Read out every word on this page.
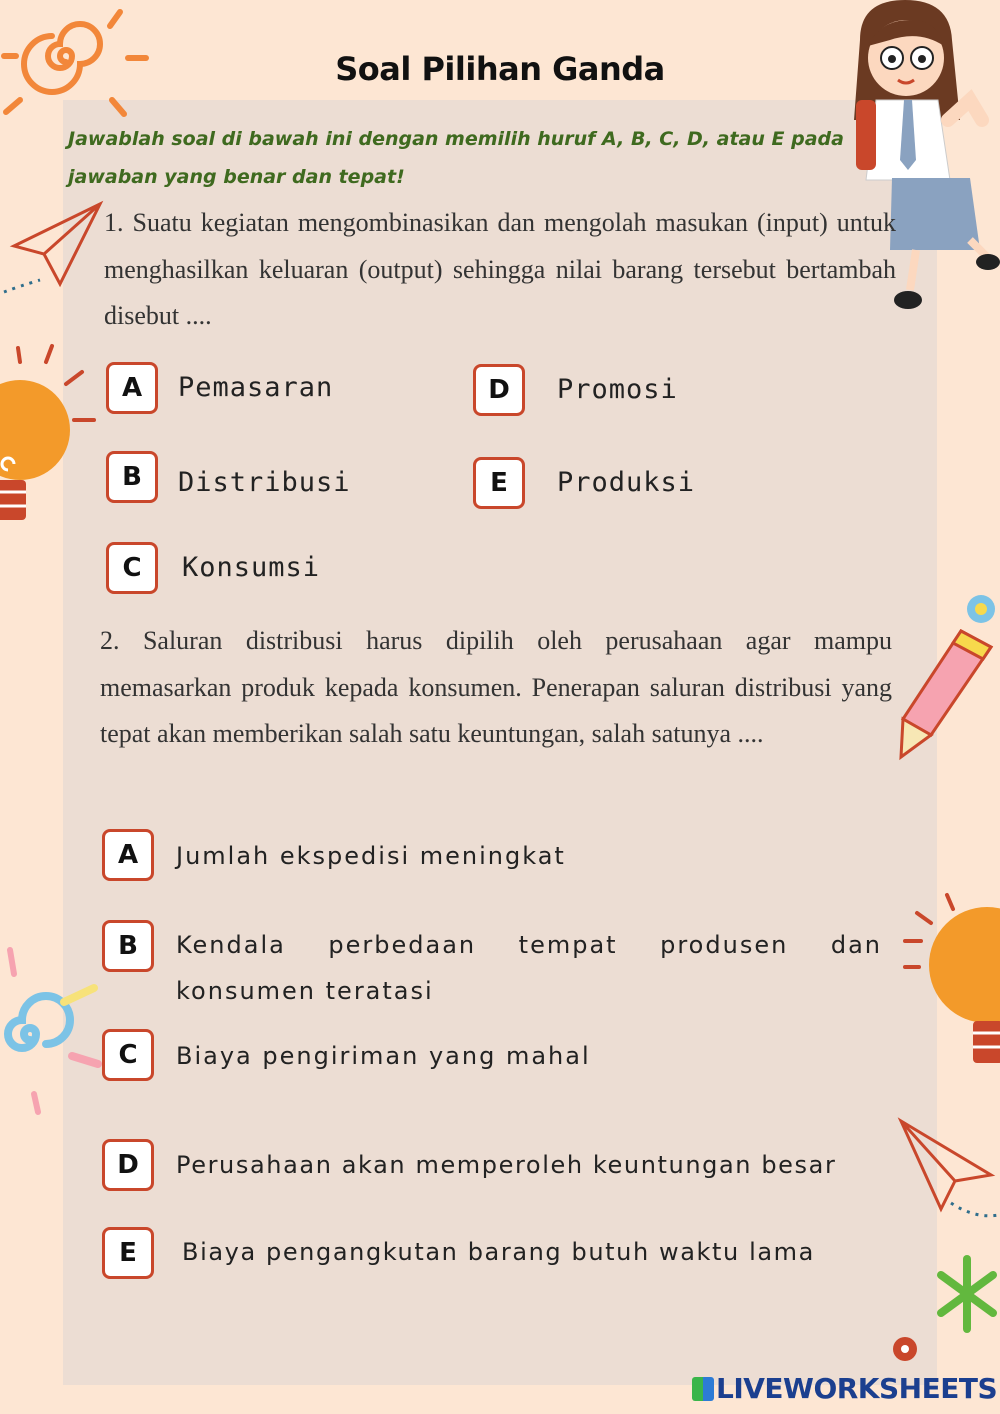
Soal Pilihan Ganda
Jawablah soal di bawah ini dengan memilih huruf A, B, C, D, atau E pada jawaban yang benar dan tepat!
1. Suatu kegiatan mengombinasikan dan mengolah masukan (input) untuk menghasilkan keluaran (output) sehingga nilai barang tersebut bertambah disebut ....
A Pemasaran
B Distribusi
C Konsumsi
D Promosi
E Produksi
2. Saluran distribusi harus dipilih oleh perusahaan agar mampu memasarkan produk kepada konsumen. Penerapan saluran distribusi yang tepat akan memberikan salah satu keuntungan, salah satunya ....
A Jumlah ekspedisi meningkat
B Kendala perbedaan tempat produsen dan
konsumen teratasi
C Biaya pengiriman yang mahal
D Perusahaan akan memperoleh keuntungan besar
E Biaya pengangkutan barang butuh waktu lama
LIVEWORKSHEETS
